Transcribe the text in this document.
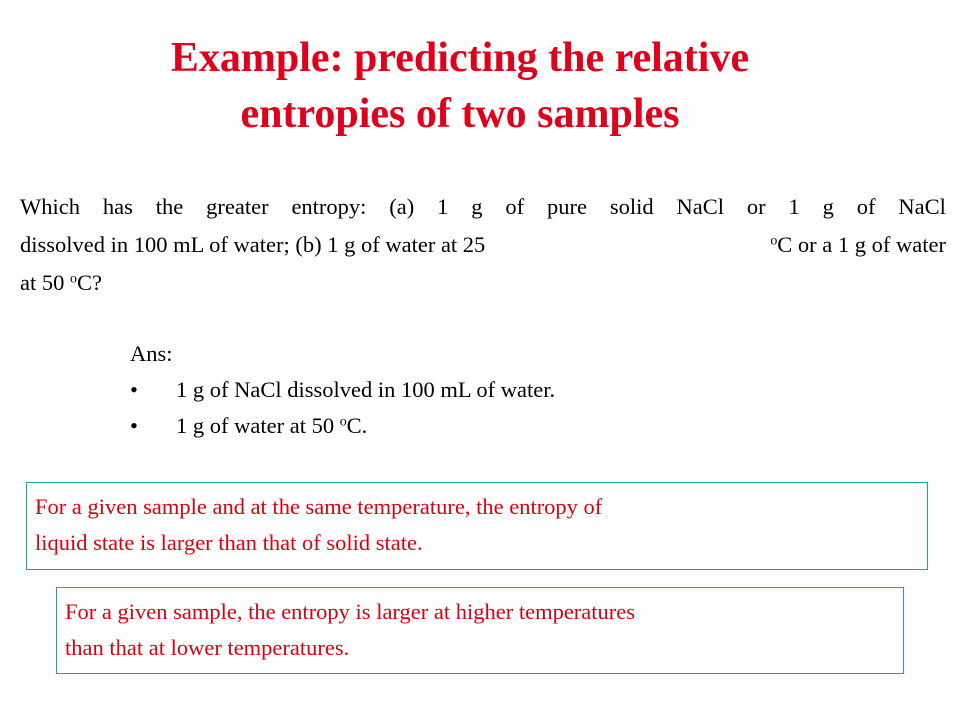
Example: predicting the relative
entropies of two samples
Which has the greater entropy: (a) 1 g of pure solid NaCl or 1 g of NaCl
dissolved in 100 mL of water; (b) 1 g of water at 25	$^o$C or a 1 g of water
at 50 $^o$C?
Ans:
•	1 g of NaCl dissolved in 100 mL of water.
•	1 g of water at 50 $^o$C.
For a given sample and at the same temperature, the entropy of
liquid state is larger than that of solid state.
For a given sample, the entropy is larger at higher temperatures
than that at lower temperatures.
